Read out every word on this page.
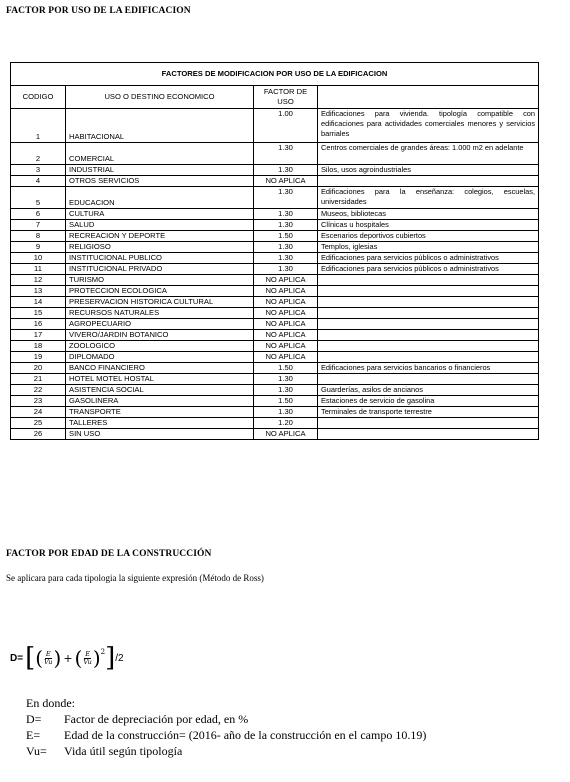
FACTOR POR USO DE LA EDIFICACION
FACTORES DE MODIFICACION POR USO DE LA EDIFICACION			
CODIGO	USO O DESTINO ECONOMICO	FACTOR DE USO	
1	HABITACIONAL	1.00	Edificaciones para vivienda. tipología compatible con edificaciones para actividades comerciales menores y servicios barriales
2	COMERCIAL	1.30	Centros comerciales de grandes áreas: 1.000 m2 en adelante
3	INDUSTRIAL	1.30	Silos, usos agroindustriales
4	OTROS SERVICIOS	NO APLICA	
5	EDUCACION	1.30	Edificaciones para la enseñanza: colegios, escuelas, universidades
6	CULTURA	1.30	Museos, bibliotecas
7	SALUD	1.30	Clínicas u hospitales
8	RECREACION Y DEPORTE	1.50	Escenarios deportivos cubiertos
9	RELIGIOSO	1.30	Templos, iglesias
10	INSTITUCIONAL PUBLICO	1.30	Edificaciones para servicios públicos o administrativos
11	INSTITUCIONAL PRIVADO	1.30	Edificaciones para servicios públicos o administrativos
12	TURISMO	NO APLICA	
13	PROTECCION ECOLOGICA	NO APLICA	
14	PRESERVACION HISTORICA CULTURAL	NO APLICA	
15	RECURSOS NATURALES	NO APLICA	
16	AGROPECUARIO	NO APLICA	
17	VIVERO/JARDIN BOTANICO	NO APLICA	
18	ZOOLOGICO	NO APLICA	
19	DIPLOMADO	NO APLICA	
20	BANCO FINANCIERO	1.50	Edificaciones para servicios bancarios o financieros
21	HOTEL MOTEL HOSTAL	1.30	
22	ASISTENCIA SOCIAL	1.30	Guarderías, asilos de ancianos
23	GASOLINERA	1.50	Estaciones de servicio de gasolina
24	TRANSPORTE	1.30	Terminales de transporte terrestre
25	TALLERES	1.20	
26	SIN USO	NO APLICA	
FACTOR POR EDAD DE LA CONSTRUCCIÓN
Se aplicara para cada tipologia la siguiente expresión (Método de Ross)
D= [ ( $\frac{E}{Vu}$ ) + ( $\frac{E}{Vu}$ ) 2 ] /2
En donde:
D= Factor de depreciación por edad, en %
E= Edad de la construcción= (2016- año de la construcción en el campo 10.19)
Vu= Vida útil según tipología
